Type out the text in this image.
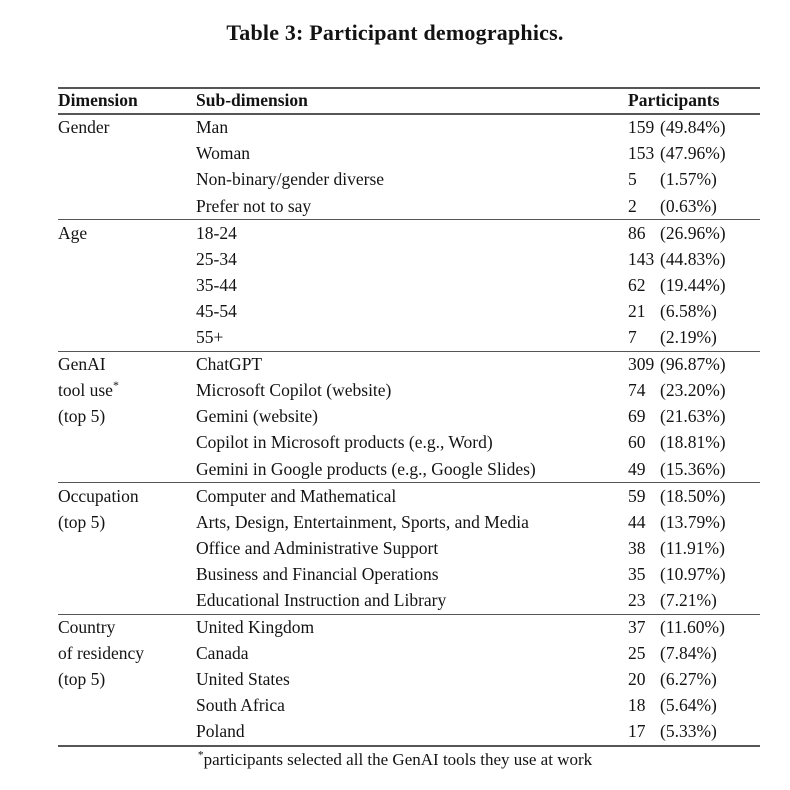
Table 3: Participant demographics.
Dimension	Sub-dimension	Participants	
Gender	Man	159	(49.84%)
	Woman	153	(47.96%)
	Non-binary/gender diverse	5	(1.57%)
	Prefer not to say	2	(0.63%)
Age	18-24	86	(26.96%)
	25-34	143	(44.83%)
	35-44	62	(19.44%)
	45-54	21	(6.58%)
	55+	7	(2.19%)
GenAI	ChatGPT	309	(96.87%)
tool use*	Microsoft Copilot (website)	74	(23.20%)
(top 5)	Gemini (website)	69	(21.63%)
	Copilot in Microsoft products (e.g., Word)	60	(18.81%)
	Gemini in Google products (e.g., Google Slides)	49	(15.36%)
Occupation	Computer and Mathematical	59	(18.50%)
(top 5)	Arts, Design, Entertainment, Sports, and Media	44	(13.79%)
	Office and Administrative Support	38	(11.91%)
	Business and Financial Operations	35	(10.97%)
	Educational Instruction and Library	23	(7.21%)
Country	United Kingdom	37	(11.60%)
of residency	Canada	25	(7.84%)
(top 5)	United States	20	(6.27%)
	South Africa	18	(5.64%)
	Poland	17	(5.33%)
*participants selected all the GenAI tools they use at work
